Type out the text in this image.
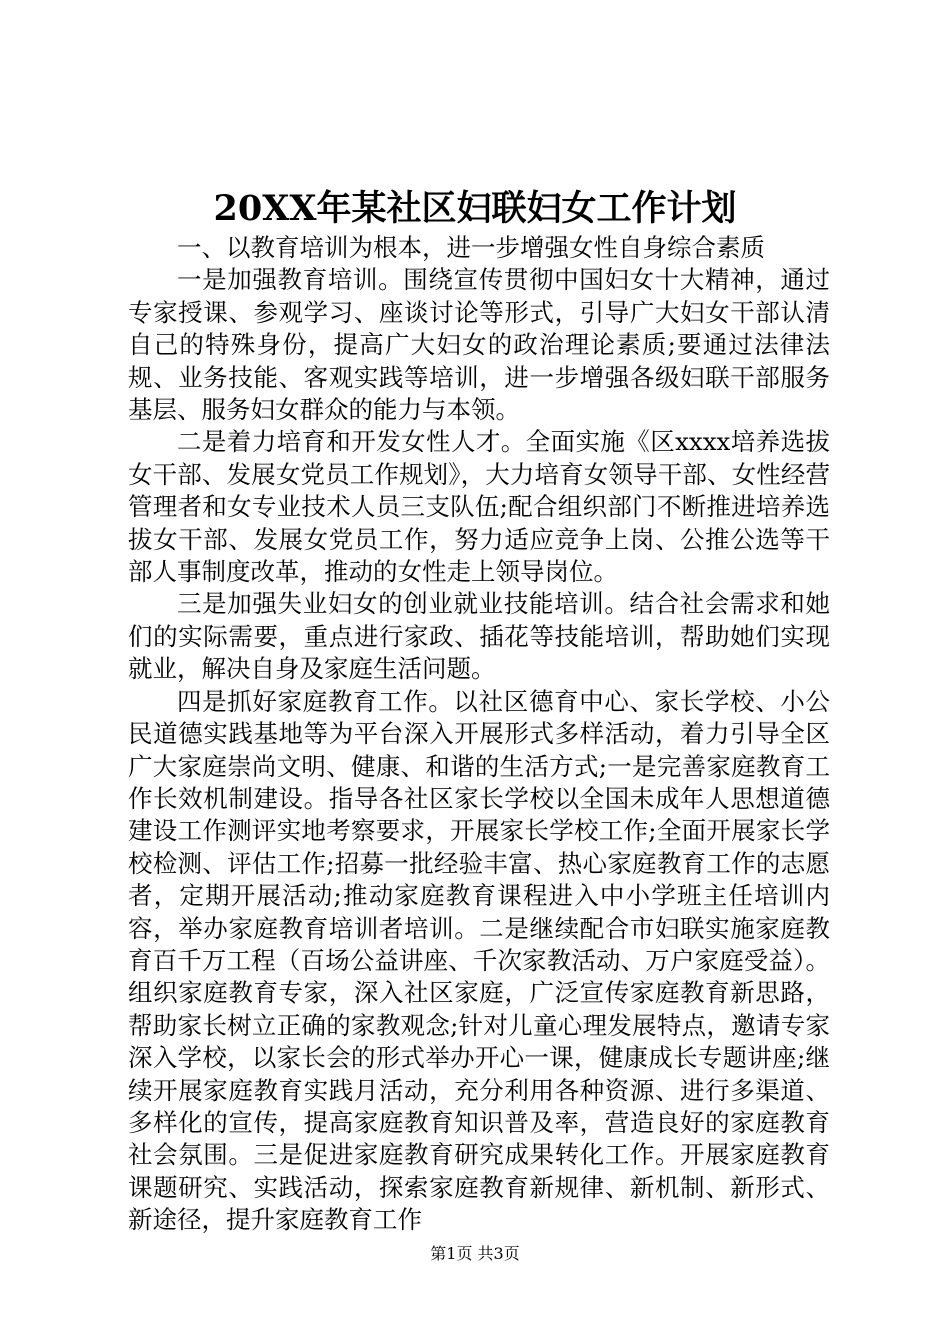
20XX年某社区妇联妇女工作计划

一、以教育培训为根本，进一步增强女性自身综合素质

一是加强教育培训。围绕宣传贯彻中国妇女十大精神，通过专家授课、参观学习、座谈讨论等形式，引导广大妇女干部认清自己的特殊身份，提高广大妇女的政治理论素质;要通过法律法规、业务技能、客观实践等培训，进一步增强各级妇联干部服务基层、服务妇女群众的能力与本领。

二是着力培育和开发女性人才。全面实施《区xxxx培养选拔女干部、发展女党员工作规划》，大力培育女领导干部、女性经营管理者和女专业技术人员三支队伍;配合组织部门不断推进培养选拔女干部、发展女党员工作，努力适应竞争上岗、公推公选等干部人事制度改革，推动的女性走上领导岗位。

三是加强失业妇女的创业就业技能培训。结合社会需求和她们的实际需要，重点进行家政、插花等技能培训，帮助她们实现就业，解决自身及家庭生活问题。

四是抓好家庭教育工作。以社区德育中心、家长学校、小公民道德实践基地等为平台深入开展形式多样活动，着力引导全区广大家庭崇尚文明、健康、和谐的生活方式;一是完善家庭教育工作长效机制建设。指导各社区家长学校以全国未成年人思想道德建设工作测评实地考察要求，开展家长学校工作;全面开展家长学校检测、评估工作;招募一批经验丰富、热心家庭教育工作的志愿者，定期开展活动;推动家庭教育课程进入中小学班主任培训内容，举办家庭教育培训者培训。二是继续配合市妇联实施家庭教育百千万工程（百场公益讲座、千次家教活动、万户家庭受益）。组织家庭教育专家，深入社区家庭，广泛宣传家庭教育新思路，帮助家长树立正确的家教观念;针对儿童心理发展特点，邀请专家深入学校，以家长会的形式举办开心一课，健康成长专题讲座;继续开展家庭教育实践月活动，充分利用各种资源、进行多渠道、多样化的宣传，提高家庭教育知识普及率，营造良好的家庭教育社会氛围。三是促进家庭教育研究成果转化工作。开展家庭教育课题研究、实践活动，探索家庭教育新规律、新机制、新形式、新途径，提升家庭教育工作

第1页 共3页
